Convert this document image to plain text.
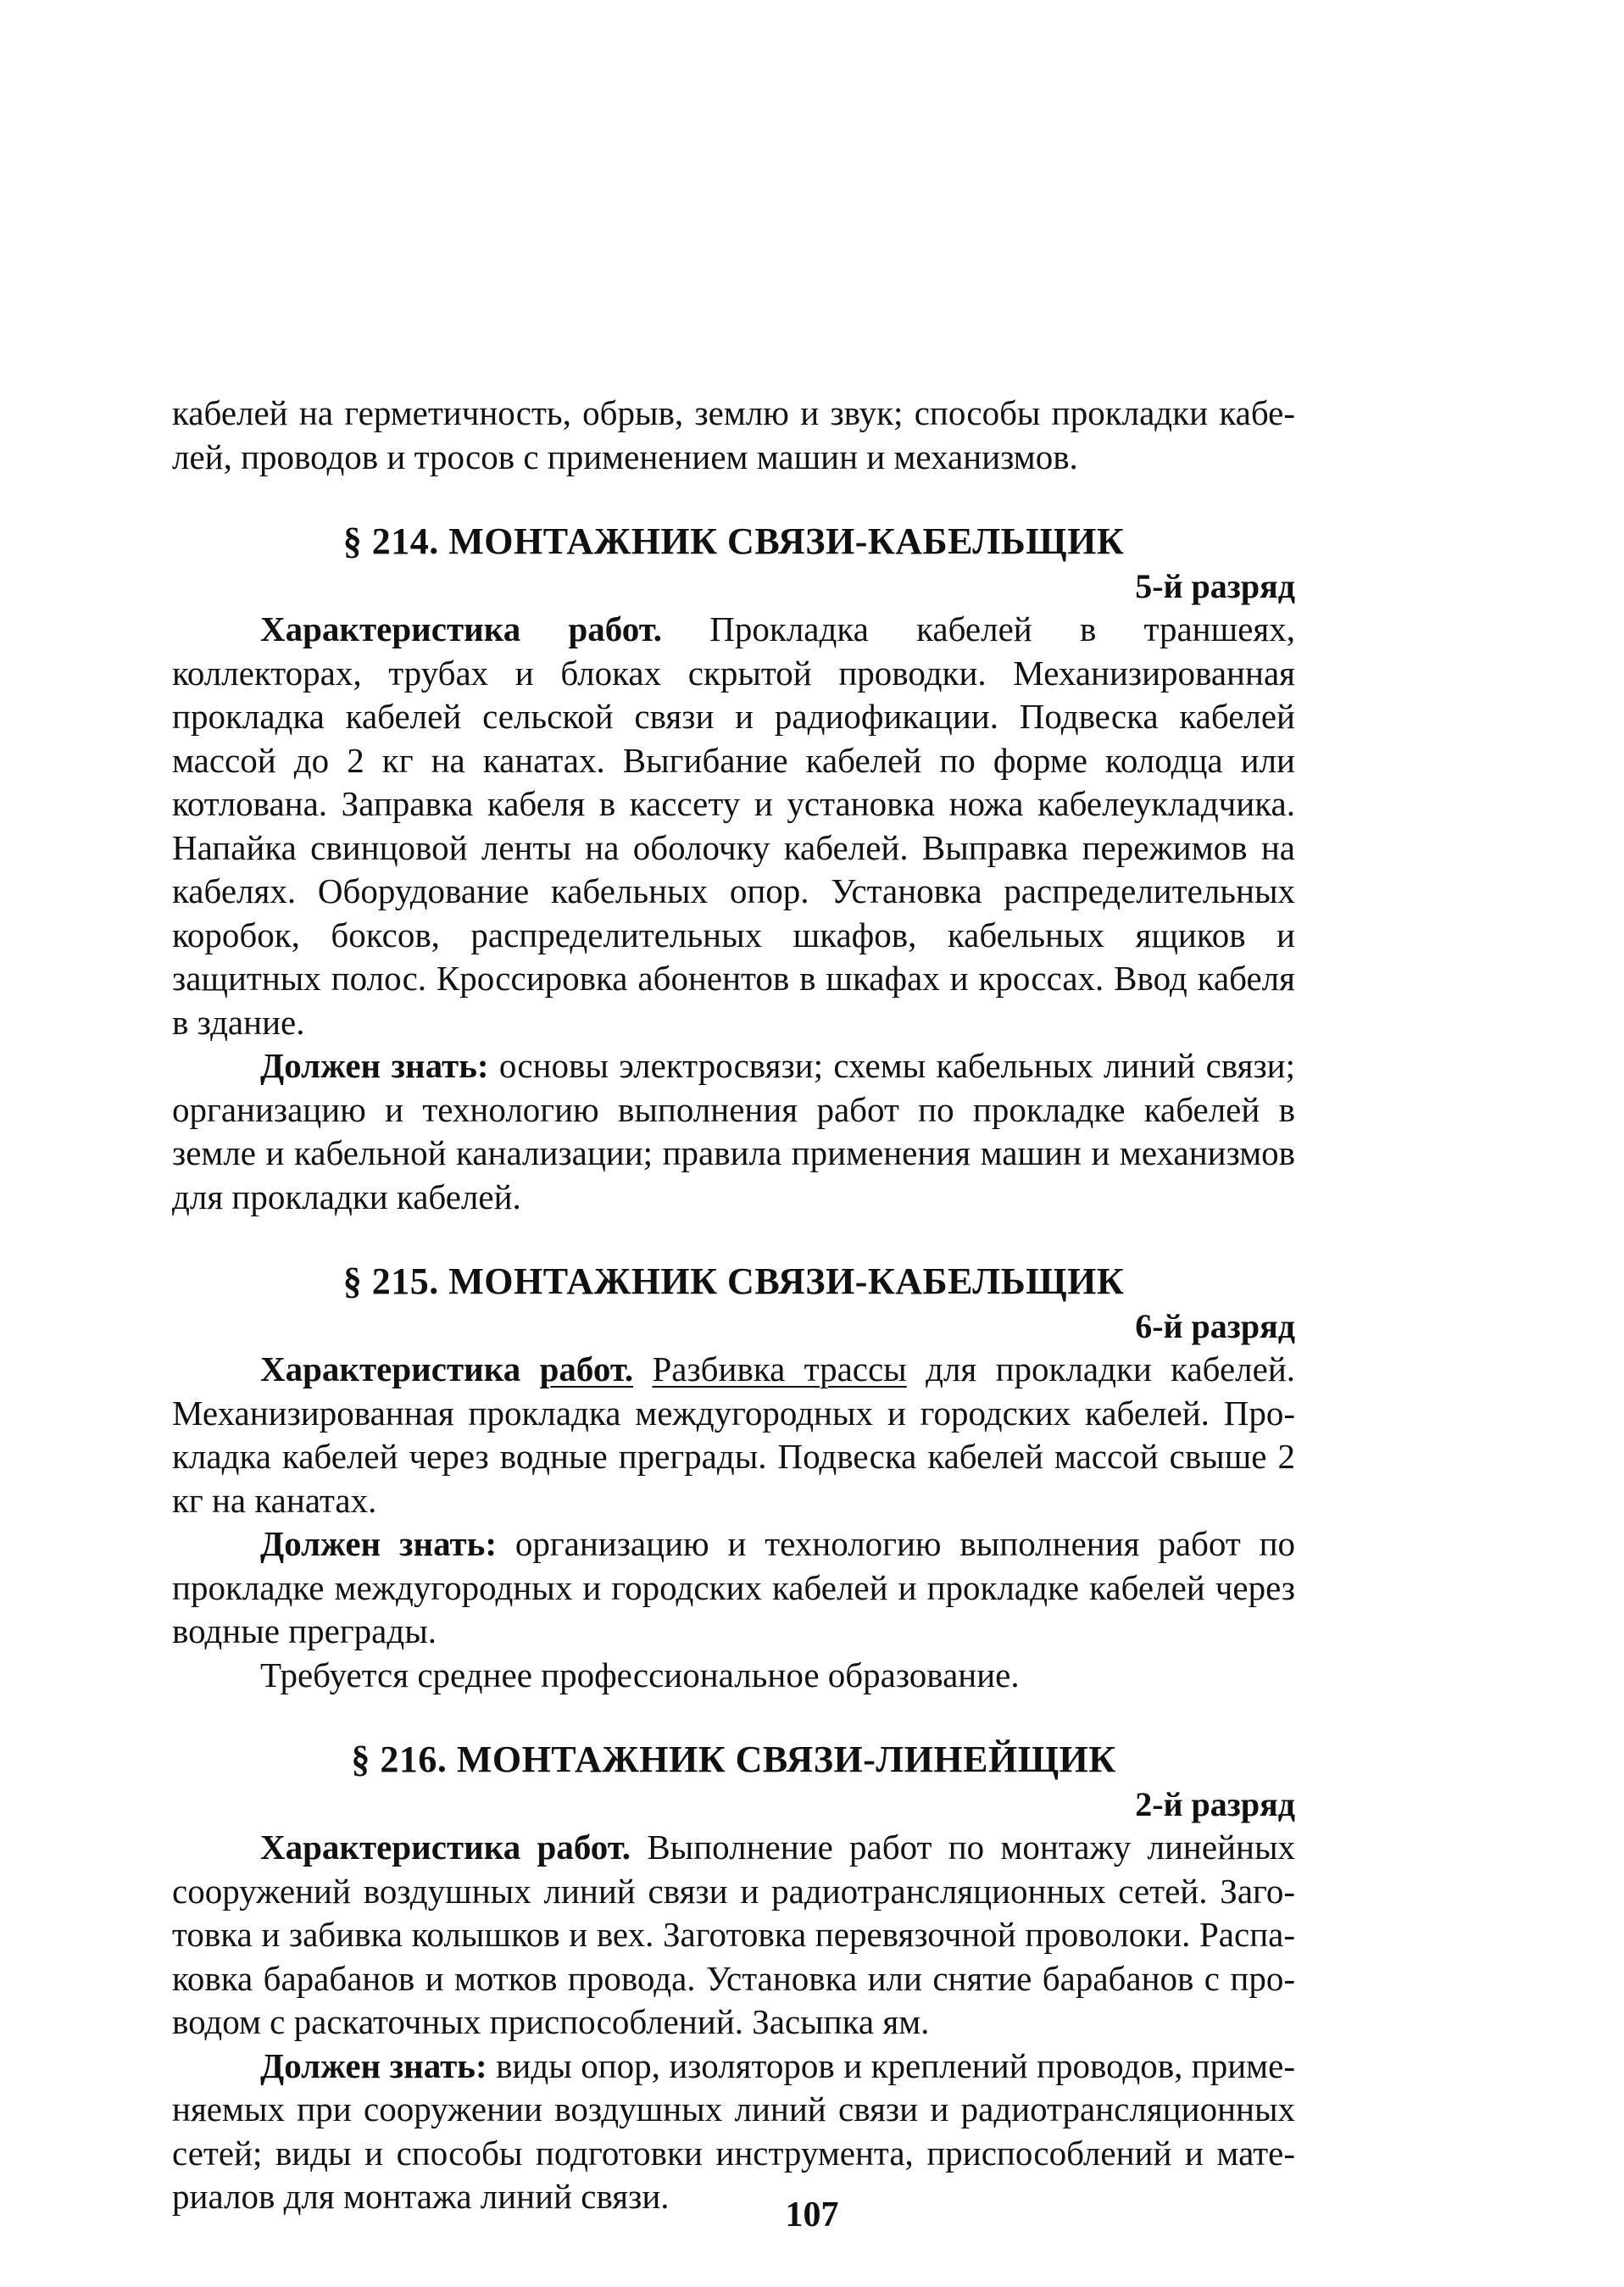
кабелей на герметичность, обрыв, землю и звук; способы прокладки кабелей, проводов и тросов с применением машин и механизмов.

§ 214. МОНТАЖНИК СВЯЗИ-КАБЕЛЬЩИК

5-й разряд

Характеристика работ. Прокладка кабелей в траншеях, коллекторах, трубах и блоках скрытой проводки. Механизированная прокладка кабелей сельской связи и радиофикации. Подвеска кабелей массой до 2 кг на канатах. Выгибание кабелей по форме колодца или котлована. Заправка кабеля в кассету и установка ножа кабелеукладчика. Напайка свинцовой ленты на оболочку кабелей. Выправка пережимов на кабелях. Оборудование кабельных опор. Установка распределительных коробок, боксов, распределительных шкафов, кабельных ящиков и защитных полос. Кроссировка абонентов в шкафах и кроссах. Ввод кабеля в здание.

Должен знать: основы электросвязи; схемы кабельных линий связи; организацию и технологию выполнения работ по прокладке кабелей в земле и кабельной канализации; правила применения машин и механизмов для прокладки кабелей.

§ 215. МОНТАЖНИК СВЯЗИ-КАБЕЛЬЩИК

6-й разряд

Характеристика работ. Разбивка трассы для прокладки кабелей. Механизированная прокладка междугородных и городских кабелей. Прокладка кабелей через водные преграды. Подвеска кабелей массой свыше 2 кг на канатах.

Должен знать: организацию и технологию выполнения работ по прокладке междугородных и городских кабелей и прокладке кабелей через водные преграды.

Требуется среднее профессиональное образование.

§ 216. МОНТАЖНИК СВЯЗИ-ЛИНЕЙЩИК

2-й разряд

Характеристика работ. Выполнение работ по монтажу линейных сооружений воздушных линий связи и радиотрансляционных сетей. Заготовка и забивка колышков и вех. Заготовка перевязочной проволоки. Распаковка барабанов и мотков провода. Установка или снятие барабанов с проводом с раскаточных приспособлений. Засыпка ям.

Должен знать: виды опор, изоляторов и креплений проводов, применяемых при сооружении воздушных линий связи и радиотрансляционных сетей; виды и способы подготовки инструмента, приспособлений и материалов для монтажа линий связи.	107
